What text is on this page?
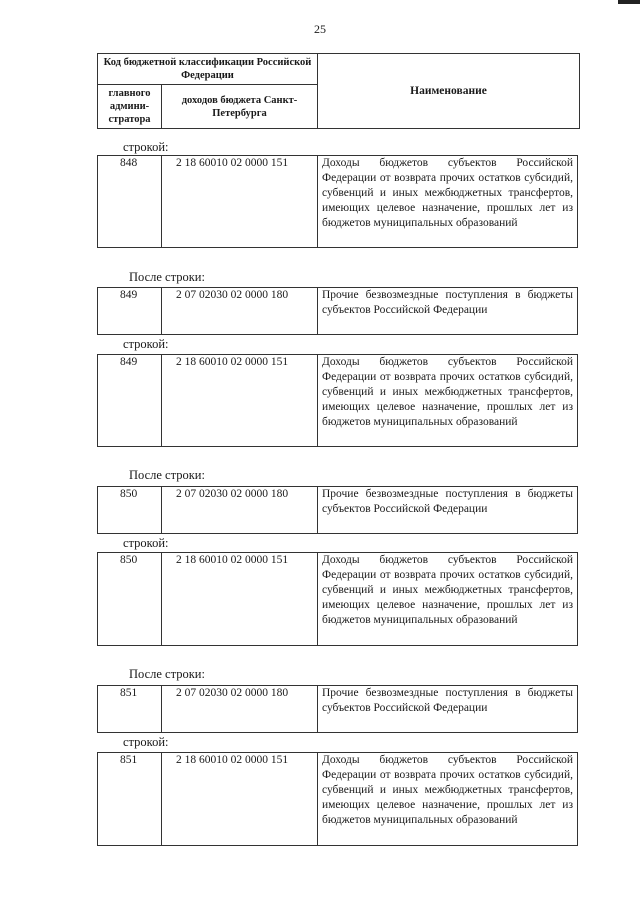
25
Код бюджетной классификации Российской Федерации		Наименование
главного админи-стратора	доходов бюджета Санкт-Петербурга	
строкой:
848	2 18 60010 02 0000 151	Доходы бюджетов субъектов Российской Федерации от возврата прочих остатков субсидий, субвенций и иных межбюджетных трансфертов, имеющих целевое назначение, прошлых лет из бюджетов муниципальных образований
После строки:
849	2 07 02030 02 0000 180	Прочие безвозмездные поступления в бюджеты субъектов Российской Федерации
строкой:
849	2 18 60010 02 0000 151	Доходы бюджетов субъектов Российской Федерации от возврата прочих остатков субсидий, субвенций и иных межбюджетных трансфертов, имеющих целевое назначение, прошлых лет из бюджетов муниципальных образований
После строки:
850	2 07 02030 02 0000 180	Прочие безвозмездные поступления в бюджеты субъектов Российской Федерации
строкой:
850	2 18 60010 02 0000 151	Доходы бюджетов субъектов Российской Федерации от возврата прочих остатков субсидий, субвенций и иных межбюджетных трансфертов, имеющих целевое назначение, прошлых лет из бюджетов муниципальных образований
После строки:
851	2 07 02030 02 0000 180	Прочие безвозмездные поступления в бюджеты субъектов Российской Федерации
строкой:
851	2 18 60010 02 0000 151	Доходы бюджетов субъектов Российской Федерации от возврата прочих остатков субсидий, субвенций и иных межбюджетных трансфертов, имеющих целевое назначение, прошлых лет из бюджетов муниципальных образований
